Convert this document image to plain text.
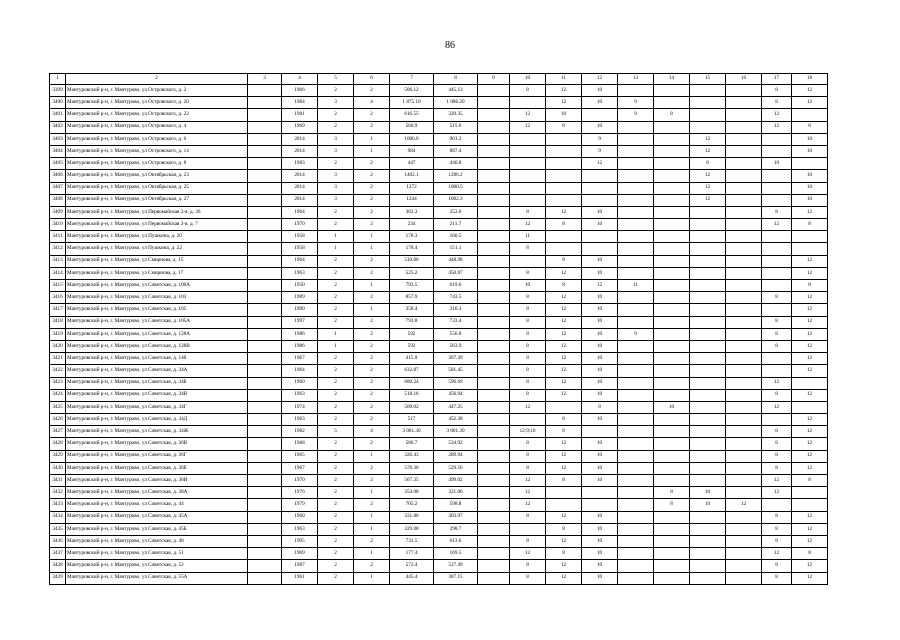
86
1	2	3	4	5	6	7	8	9	10	11	12	13	14	15	16	17	18
3399	Мантуровский р-н, г. Мантурово, ул Островского, д. 2		1966	2	2	506.12	445.13		8	12	10					8	12
3400	Мантуровский р-н, г. Мантурово, ул Островского, д. 20		1984	3	4	1 875.10	1 086.20			12	10	9				8	12
3401	Мантуровский р-н, г. Мантурово, ул Островского, д. 22		1981	2	2	616.55	320.35		12	10		9	8			12	
3402	Мантуровский р-н, г. Мантурово, ул Островского, д. 4		1969	2	2	560.9	515.6		12	8	10					12	8
3403	Мантуровский р-н, г. Мантурово, ул Островского, д. 6		2014	3	1	1006.6	901.2				9			12			10
3404	Мантуровский р-н, г. Мантурово, ул Островского, д. 14		2014	3	1	984	887.4				9			12			10
3405	Мантуровский р-н, г. Мантурово, ул Островского, д. 8		1983	2	2	447	446.8				12			8		10	
3406	Мантуровский р-н, г. Мантурово, ул Октябрьская, д. 23		2014	3	2	1402.1	1286.2							12			10
3407	Мантуровский р-н, г. Мантурово, ул Октябрьская, д. 25		2014	3	2	1272	1000.5							12			10
3408	Мантуровский р-н, г. Мантурово, ул Октябрьская, д. 27		2014	3	2	1244	1062.3							12			10
3409	Мантуровский р-н, г. Мантурово, ул Первомайская 2-я, д. 36		1964	2	2	363.3	253.6		8	12	10					8	12
3410	Мантуровский р-н, г. Мантурово, ул Первомайская 2-я, д. 7		1970	2	2	234	211.7		12	8	10					12	8
3411	Мантуровский р-н, г. Мантурово, ул Пушкина, д. 20		1958	1	1	178.3	160.5		11								
3412	Мантуровский р-н, г. Мантурово, ул Пушкина, д. 22		1958	1	1	178.4	151.1		8								
3413	Мантуровский р-н, г. Мантурово, ул Смирнова, д. 15		1964	2	2	510.06	448.98			8	10						12
3414	Мантуровский р-н, г. Мантурово, ул Смирнова, д. 17		1963	2	2	525.2	450.87		8	12	10						12
3415	Мантуровский р-н, г. Мантурово, ул Советская, д. 100А		1950	2	1	793.5	619.6		10	8	12	11					8
3416	Мантуровский р-н, г. Мантурово, ул Советская, д. 103		1989	2	2	857.9	743.5		8	12	10					8	12
3417	Мантуровский р-н, г. Мантурово, ул Советская, д. 105		1990	2	1	358.4	316.3		8	12	10						12
3418	Мантуровский р-н, г. Мантурово, ул Советская, д. 105А		1997	2	2	793.8	733.4		8	12	10					8	12
3419	Мантуровский р-н, г. Мантурово, ул Советская, д. 128А		1986	1	2	592	556.8		8	12	10	9				8	12
3420	Мантуровский р-н, г. Мантурово, ул Советская, д. 128В		1986	1	2	592	563.9		8	12	10					8	12
3421	Мантуровский р-н, г. Мантурово, ул Советская, д. 14б		1967	2	2	415.9	367.39		8	12	10						12
3422	Мантуровский р-н, г. Мантурово, ул Советская, д. 34А		1964	2	2	632.87	581.45		8	12	10						12
3423	Мантуровский р-н, г. Мантурово, ул Советская, д. 34Б		1960	2	2	680.24	596.69		8	12	10					12	
3424	Мантуровский р-н, г. Мантурово, ул Советская, д. 34В		1963	2	2	518.16	456.94		8	12	10					8	12
3425	Мантуровский р-н, г. Мантурово, ул Советская, д. 34Г		1974	2	2	509.02	447.25		12		8		10			12	
3426	Мантуровский р-н, г. Мантурово, ул Советская, д. 34Д		1963	2	2	517	452.38			8	10						12
3427	Мантуровский р-н, г. Мантурово, ул Советская, д. 34Ж		1982	5	4	3 001.30	3 001.30		12;9;10	8						8	12
3428	Мантуровский р-н, г. Мантурово, ул Советская, д. 36В		1968	2	2	586.7	534.92		8	12	10					8	12
3429	Мантуровский р-н, г. Мантурово, ул Советская, д. 36Г		1965	2	1	326.43	289.94		8	12	10					8	12
3430	Мантуровский р-н, г. Мантурово, ул Советская, д. 36Е		1967	2	2	578.36	529.56		8	12	10					8	12
3431	Мантуровский р-н, г. Мантурово, ул Советская, д. 36И		1970	2	2	567.35	499.02		12	8	10					12	8
3432	Мантуровский р-н, г. Мантурово, ул Советская, д. 38А		1976	2	1	354.08	321.06		12				8	10		12	
3433	Мантуровский р-н, г. Мантурово, ул Советская, д. 44		1979	2	2	705.2	598.8		12				8	10	12		
3434	Мантуровский р-н, г. Мантурово, ул Советская, д. 45А		1960	2	1	331.86	303.97		8	12	10					8	12
3435	Мантуровский р-н, г. Мантурово, ул Советская, д. 45Б		1963	2	1	329.08	298.7			8	10					8	12
3436	Мантуровский р-н, г. Мантурово, ул Советская, д. 48		1995	2	2	731.5	613.6		8	12	10					8	12
3437	Мантуровский р-н, г. Мантурово, ул Советская, д. 51		1969	2	1	177.4	169.5		12	8	10					12	8
3438	Мантуровский р-н, г. Мантурово, ул Советская, д. 52		1987	2	2	572.4	527.49		8	12	10					8	12
3439	Мантуровский р-н, г. Мантурово, ул Советская, д. 55А		1961	2	1	445.4	387.15		8	12	10					8	12
